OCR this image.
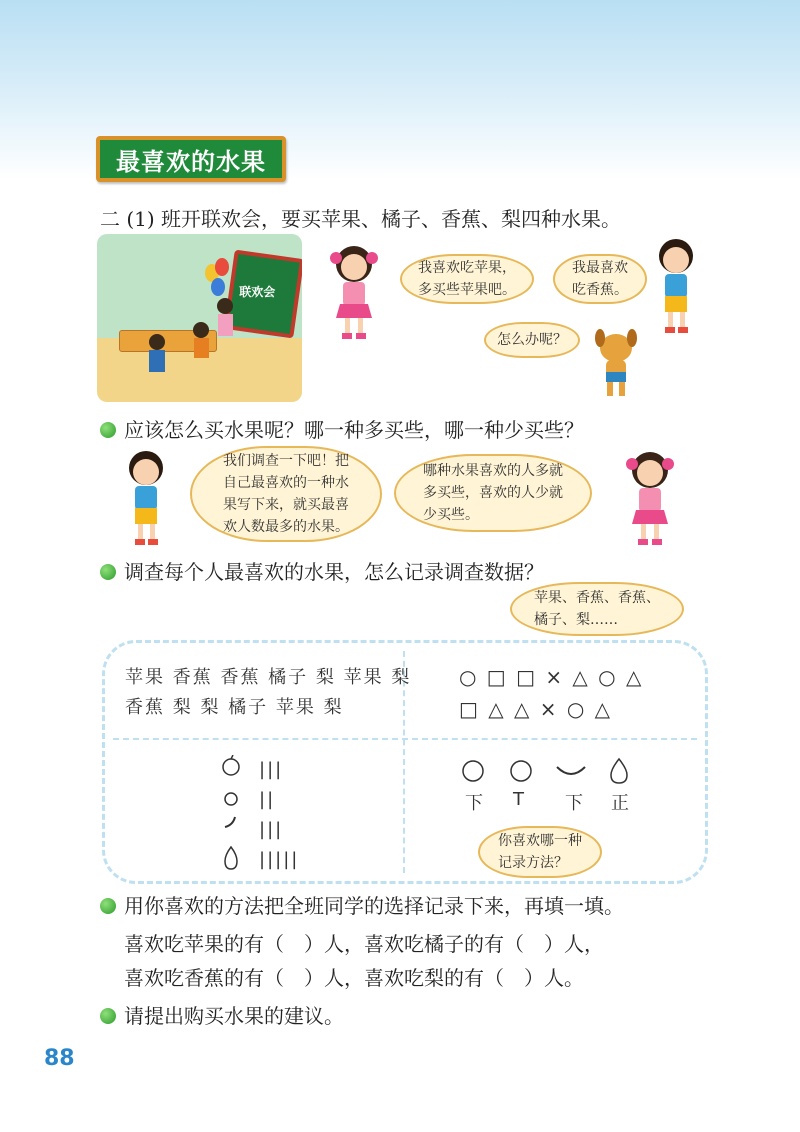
最喜欢的水果
二 (1) 班开联欢会，要买苹果、橘子、香蕉、梨四种水果。
联欢会
我喜欢吃苹果，
多买些苹果吧。
我最喜欢
吃香蕉。
怎么办呢？
应该怎么买水果呢？哪一种多买些，哪一种少买些？
我们调查一下吧！把
自己最喜欢的一种水
果写下来，就买最喜
欢人数最多的水果。
哪种水果喜欢的人多就
多买些，喜欢的人少就
少买些。
调查每个人最喜欢的水果，怎么记录调查数据？
苹果、香蕉、香蕉、
橘子、梨……
苹果 香蕉 香蕉 橘子 梨 苹果 梨
香蕉 梨 梨 橘子 苹果 梨
○ □ □ × △ ○ △
□ △ △ × ○ △
|||
||
|||
|||||
下 T 下 正
你喜欢哪一种
记录方法？
用你喜欢的方法把全班同学的选择记录下来，再填一填。
喜欢吃苹果的有（　）人，喜欢吃橘子的有（　）人，
喜欢吃香蕉的有（　）人，喜欢吃梨的有（　）人。
请提出购买水果的建议。
88
